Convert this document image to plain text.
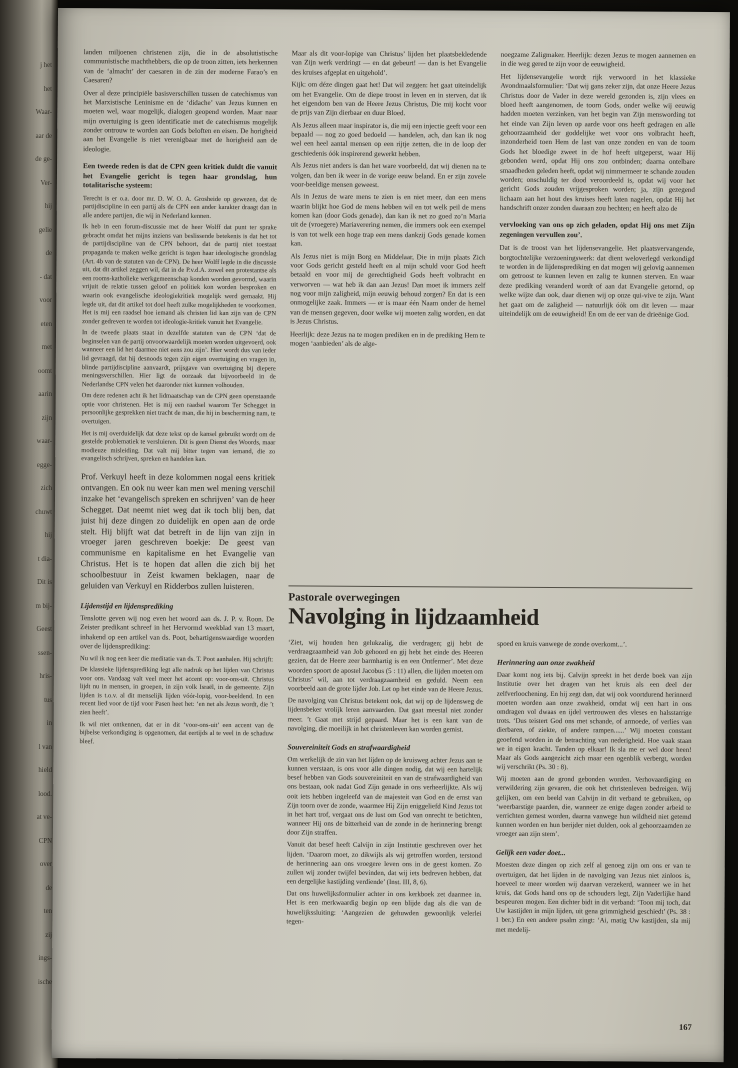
j het
het
Waar-
aar de
de ge-
Ver-
hij
gelie
de
- dat
voor
eten
met
oomt
aarin
zijn
waar-
egge-
zich
chuwt
hij
t dia-
Dit is
m bij-
Geest
ssen-
hris-
tus
in
l van
hield
lood.
at ve-
CPN
over
de
ten
zij
ings-
ische

landen miljoenen christenen zijn, die in de absolutistische communistische machthebbers, die op de troon zitten, iets herkennen van de ‘almacht’ der caesaren in de zin der moderne Farao’s en Caesaren?

Over al deze principiële basisverschillen tussen de catechismus van het Marxistische Leninisme en de ‘didache’ van Jezus kunnen en moeten wel, waar mogelijk, dialogen geopend worden. Maar naar mijn overtuiging is geen identificatie met de catechismus mogelijk zonder ontrouw te worden aan Gods beloften en eisen. De horigheid aan het Evangelie is niet verenigbaar met de horigheid aan de ideologie.

Een tweede reden is dat de CPN geen kritiek duldt die vanuit het Evangelie gericht is tegen haar grondslag, hun totalitarische systeem:

Terecht is er o.a. door mr. D. W. O. A. Grosheide op gewezen, dat de partijdiscipline in een partij als de CPN een ander karakter draagt dan in alle andere partijen, die wij in Nederland kennen.

Ik heb in een forum-discussie met de heer Wolff dat punt ter sprake gebracht omdat het mijns inziens van beslissende betekenis is dat het tot de partijdiscipline van de CPN behoort, dat de partij niet toestaat propaganda te maken welke gericht is tegen haar ideologische grondslag (Art. 4b van de statuten van de CPN). De heer Wolff legde in die discussie uit, dat dit artikel zeggen wil, dat in de P.v.d.A. zowel een protestantse als een rooms-katholieke werkgemeenschap konden worden gevormd, waarin vrijuit de relatie tussen geloof en politiek kon worden besproken en waarin ook evangelische ideologiekritiek mogelijk werd gemaakt. Hij legde uit, dat dit artikel tot doel heeft zulke mogelijkheden te voorkomen. Het is mij een raadsel hoe iemand als christen lid kan zijn van de CPN zonder gedreven te worden tot ideologie-kritiek vanuit het Evangelie.

In de tweede plaats staat in dezelfde statuten van de CPN ‘dat de beginselen van de partij onvoorwaardelijk moeten worden uitgevoerd, ook wanneer een lid het daarmee niet eens zou zijn’. Hier wordt dus van ieder lid gevraagd, dat hij desnoods tegen zijn eigen overtuiging en vragen in, blinde partijdiscipline aanvaardt, prijsgave van overtuiging bij diepere meningsverschillen. Hier ligt de oorzaak dat bijvoorbeeld in de Nederlandse CPN velen het daaronder niet kunnen volhouden.

Om deze redenen acht ik het lidmaatschap van de CPN geen openstaande optie voor christenen. Het is mij een raadsel waarom Ter Schegget in persoonlijke gesprekken niet tracht de man, die hij in bescherming nam, te overtuigen.

Het is mij overduidelijk dat deze tekst op de kansel gebruikt wordt om de gestelde problematiek te versluieren. Dit is geen Dienst des Woords, maar modieuze misleiding. Dat valt mij bitter tegen van iemand, die zo evangelisch schrijven, spreken en handelen kan.

Prof. Verkuyl heeft in deze kolommen nogal eens kritiek ontvangen. En ook nu weer kan men wel mening verschil inzake het ‘evangelisch spreken en schrijven’ van de heer Schegget. Dat neemt niet weg dat ik toch blij ben, dat juist hij deze dingen zo duidelijk en open aan de orde stelt. Hij blijft wat dat betreft in de lijn van zijn in vroeger jaren geschreven boekje: De geest van communisme en kapitalisme en het Evangelie van Christus. Het is te hopen dat allen die zich bij het schoolbestuur in Zeist kwamen beklagen, naar de geluiden van Verkuyl en Ridderbos zullen luisteren.

Lijdenstijd en lijdensprediking

Tenslotte geven wij nog even het woord aan ds. J. P. v. Roon. De Zeister predikant schreef in het Hervormd weekblad van 13 maart, inhakend op een artikel van ds. Poot, behartigenswaardige woorden over de lijdensprediking:

Nu wil ik nog een keer die meditatie van ds. T. Poot aanhalen. Hij schrijft:

De klassieke lijdensprediking legt alle nadruk op het lijden van Christus voor ons. Vandaag valt veel meer het accent op: voor-ons-uit. Christus lijdt nu in mensen, in groepen, in zijn volk Israël, in de gemeente. Zijn lijden is t.o.v. al dit menselijk lijden vóór-lopig, voor-beeldend. In een recent lied voor de tijd voor Pasen heet het: ‘en net als Jezus wordt, die ’t zien heeft’.

Ik wil niet ontkennen, dat er in dit ‘voor-ons-uit’ een accent van de bijbelse verkondiging is opgenomen, dat eertijds al te veel in de schaduw bleef.

Maar als dit voor-lopige van Christus’ lijden het plaatsbekledende van Zijn werk verdringt — en dat gebeurt! — dan is het Evangelie des kruises afgeplat en uitgehold’.

Kijk: om déze dingen gaat het! Dat wil zeggen: het gaat uiteindelijk om het Evangelie. Om de diepe troost in leven en in sterven, dat ik het eigendom ben van de Heere Jezus Christus, Die mij kocht voor de prijs van Zijn dierbaar en duur Bloed.

Als Jezus alleen maar inspirator is, die mij een injectie geeft voor een bepaald — nog zo goed bedoeld — handelen, ach, dan kan ik nog wel een heel aantal mensen op een rijtje zetten, die in de loop der geschiedenis óók inspirerend gewerkt hebben.

Als Jezus niet anders is dan het ware voorbeeld, dat wij dienen na te volgen, dan ben ik weer in de vorige eeuw beland. En er zijn zovele voor-beeldige mensen geweest.

Als in Jezus de ware mens te zien is en niet meer, dan een mens waarin blijkt hoe God de mens hebben wil en tot welk peil de mens komen kan (door Gods genade), dan kan ik net zo goed zo’n Maria uit de (vroegere) Mariaverering nemen, die immers ook een exempel is van tot welk een hoge trap een mens dankzij Gods genade komen kan.

Als Jezus niet is mijn Borg en Middelaar, Die in mijn plaats Zich voor Gods gericht gesteld heeft en al mijn schuld voor God heeft betaald en voor mij de gerechtigheid Gods heeft volbracht en verworven — wat heb ik dan aan Jezus! Dan moet ik immers zelf nog voor mijn zaligheid, mijn eeuwig behoud zorgen? En dat is een onmogelijke zaak. Immers — er is maar één Naam onder de hemel van de mensen gegeven, door welke wij moeten zalig worden, en dat is Jezus Christus.

Heerlijk: deze Jezus na te mogen prediken en in de prediking Hem te mogen ‘aanbieden’ als de alge-

noegzame Zaligmaker. Heerlijk: dezen Jezus te mogen aannemen en in die weg gered te zijn voor de eeuwigheid.

Het lijdensevangelie wordt rijk verwoord in het klassieke Avondmaalsformulier: ‘Dat wij gans zeker zijn, dat onze Heere Jezus Christus door de Vader in deze wereld gezonden is, zijn vlees en bloed heeft aangenomen, de toorn Gods, onder welke wij eeuwig hadden moeten verzinken, van het begin van Zijn menswording tot het einde van Zijn leven op aarde voor ons heeft gedragen en alle gehoorzaamheid der goddelijke wet voor ons volbracht heeft, inzonderheid toen Hem de last van onze zonden en van de toorn Gods het bloedige zweet in de hof heeft uitgeperst, waar Hij gebonden werd, opdat Hij ons zou ontbinden; daarna ontelbare smaadheden geleden heeft, opdat wij nimmermeer te schande zouden worden; onschuldig ter dood veroordeeld is, opdat wij voor het gericht Gods zouden vrijgesproken worden; ja, zijn gezegend lichaam aan het hout des kruises heeft laten nagelen, opdat Hij het handschrift onzer zonden daaraan zou hechten; en heeft alzo de

vervloeking van ons op zich geladen, opdat Hij ons met Zijn zegeningen vervullen zou’.

Dat is de troost van het lijdensevangelie. Het plaatsvervangende, borgtochtelijke verzoeningswerk: dat dient weloverlegd verkondigd te worden in de lijdensprediking en dat mogen wij gelovig aannemen om getroost te kunnen leven en zalig te kunnen sterven. En waar deze prediking veranderd wordt of aan dat Evangelie getornd, op welke wijze dan ook, daar dienen wij op onze qui-vive te zijn. Want het gaat om de zaligheid — natuurlijk óók om dit leven — maar uiteindelijk om de eeuwigheid! En om de eer van de drieënige God.

Pastorale overwegingen
Navolging in lijdzaamheid

‘Ziet, wij houden hen gelukzalig, die verdragen; gij hebt de verdraagzaamheid van Job gehoord en gij hebt het einde des Heeren gezien, dat de Heere zeer barmhartig is en een Ontfermer’. Met deze woorden spoort de apostel Jacobus (5 : 11) allen, die lijden moeten om Christus’ wil, aan tot verdraagzaamheid en geduld. Neem een voorbeeld aan de grote lijder Job. Let op het einde van de Heere Jezus.

De navolging van Christus betekent ook, dat wij op de lijdensweg de lijdensbeker vrolijk leren aanvaarden. Dat gaat meestal niet zonder meer. ’t Gaat met strijd gepaard. Maar het is een kant van de navolging, die moeilijk in het christenleven kan worden gemist.

Souvereiniteit Gods en strafwaardigheid

Om werkelijk de zin van het lijden op de kruisweg achter Jezus aan te kunnen verstaan, is ons voor alle dingen nodig, dat wij een hartelijk besef hebben van Gods souvereiniteit en van de strafwaardigheid van ons bestaan, ook nadat God Zijn genade in ons verheerlijkte. Als wij ooit iets hebben ingeleefd van de majesteit van God en de ernst van Zijn toorn over de zonde, waarmee Hij Zijn eniggeliefd Kind Jezus tot in het hart trof, vergaat ons de lust om God van onrecht te betichten, wanneer Hij ons de bitterheid van de zonde in de herinnering brengt door Zijn straffen.

Vanuit dat besef heeft Calvijn in zijn Institutie geschreven over het lijden. ‘Daarom moet, zo dikwijls als wij getroffen worden, terstond de herinnering aan ons vroegere leven ons in de geest komen. Zo zullen wij zonder twijfel bevinden, dat wij iets bedreven hebben, dat een dergelijke kastijding verdiende’ (Inst. III, 8, 6).

Dat ons huwelijksformulier achter in ons kerkboek zet daarmee in. Het is een merkwaardig begin op een blijde dag als die van de huwelijkssluiting: ‘Aangezien de gehuwden gewoonlijk velerlei tegen-

spoed en kruis vanwege de zonde overkomt...’.

Herinnering aan onze zwakheid

Daar komt nog iets bij. Calvijn spreekt in het derde boek van zijn Institutie over het dragen van het kruis als een deel der zelfverloochening. En hij zegt dan, dat wij ook voortdurend herinnerd moeten worden aan onze zwakheid, omdat wij een hart in ons omdragen vol dwaas en ijdel vertrouwen des vleses en halsstarrige trots. ‘Dus teistert God ons met schande, of armoede, of verlies van dierbaren, of ziekte, of andere rampen......’ Wij moeten constant geoefend worden in de betrachting van nederigheid. Hoe vaak staan we in eigen kracht. Tanden op elkaar! Ik sla me er wel door heen! Maar als Gods aangezicht zich maar een ogenblik verbergt, worden wij verschrikt (Ps. 30 : 8).

Wij moeten aan de grond gebonden worden. Verhovaardiging en verwildering zijn gevaren, die ook het christenleven bedreigen. Wij gelijken, om een beeld van Calvijn in dit verband te gebruiken, op ‘weerbarstige paarden, die, wanneer ze enige dagen zonder arbeid te verrichten gemest worden, daarna vanwege hun wildheid niet getemd kunnen worden en hun berijder niet dulden, ook al gehoorzaamden ze vroeger aan zijn stem’.

Gelijk een vader doet...

Moesten deze dingen op zich zelf al genoeg zijn om ons er van te overtuigen, dat het lijden in de navolging van Jezus niet zinloos is, hoeveel te meer worden wij daarvan verzekerd, wanneer we in het kruis, dat Gods hand ons op de schouders legt, Zijn Vaderlijke hand bespeuren mogen. Een dichter bidt in dit verband: ‘Toon mij toch, dat Uw kastijden in mijn lijden, uit gena grimmigheid geschiedt’ (Ps. 38 : 1 ber.) En een andere psalm zingt: ‘Ai, matig Uw kastijden, sla mij met medelij-

167
